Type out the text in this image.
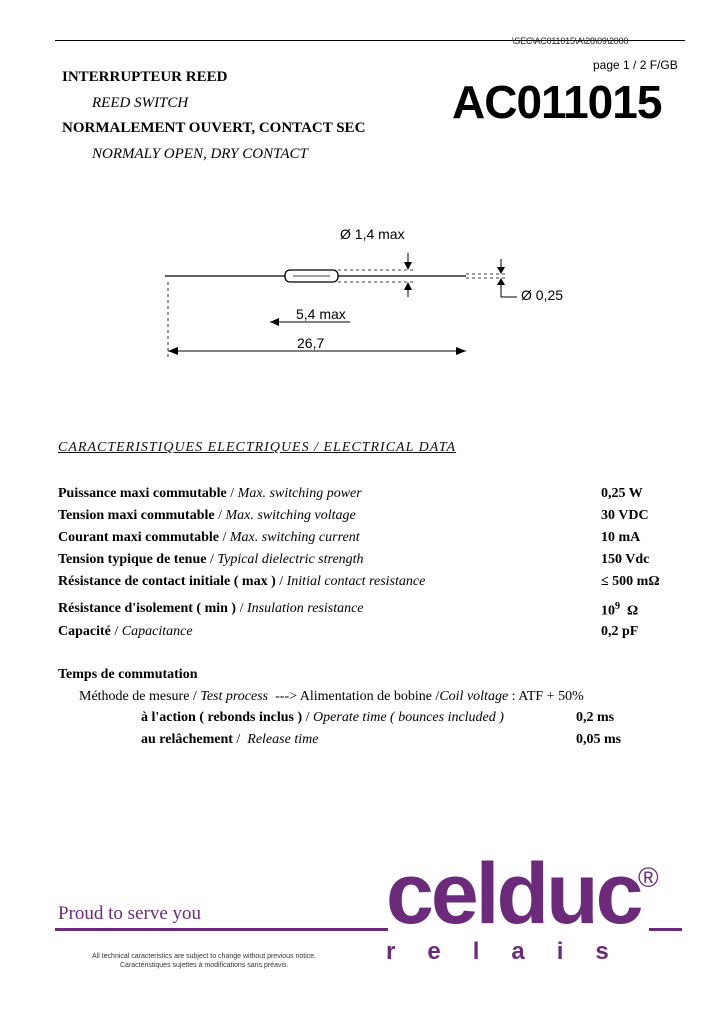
\SEC\AC011015\A\28\09\2000
page 1 / 2 F/GB
AC011015
INTERRUPTEUR REED
REED SWITCH
NORMALEMENT OUVERT, CONTACT SEC
NORMALY OPEN, DRY CONTACT
Ø 1,4 max
Ø 0,25
5,4 max
26,7
CARACTERISTIQUES ELECTRIQUES / ELECTRICAL DATA
Puissance maxi commutable / Max. switching power	0,25 W
Tension maxi commutable / Max. switching voltage	30 VDC
Courant maxi commutable / Max. switching current	10 mA
Tension typique de tenue / Typical dielectric strength	150 Vdc
Résistance de contact initiale ( max ) / Initial contact resistance	≤ 500 mΩ
Résistance d'isolement ( min ) / Insulation resistance	$10^9$ Ω
Capacité / Capacitance	0,2 pF
Temps de commutation
Méthode de mesure / Test process ---> Alimentation de bobine /Coil voltage : ATF + 50%
à l'action ( rebonds inclus ) / Operate time ( bounces included )	0,2 ms
au relâchement /  Release time	0,05 ms
Proud to serve you celduc
®
relais
All technical caracteristics are subject to change without previous notice.
Caractéristiques sujettes à modifications sans préavis.
